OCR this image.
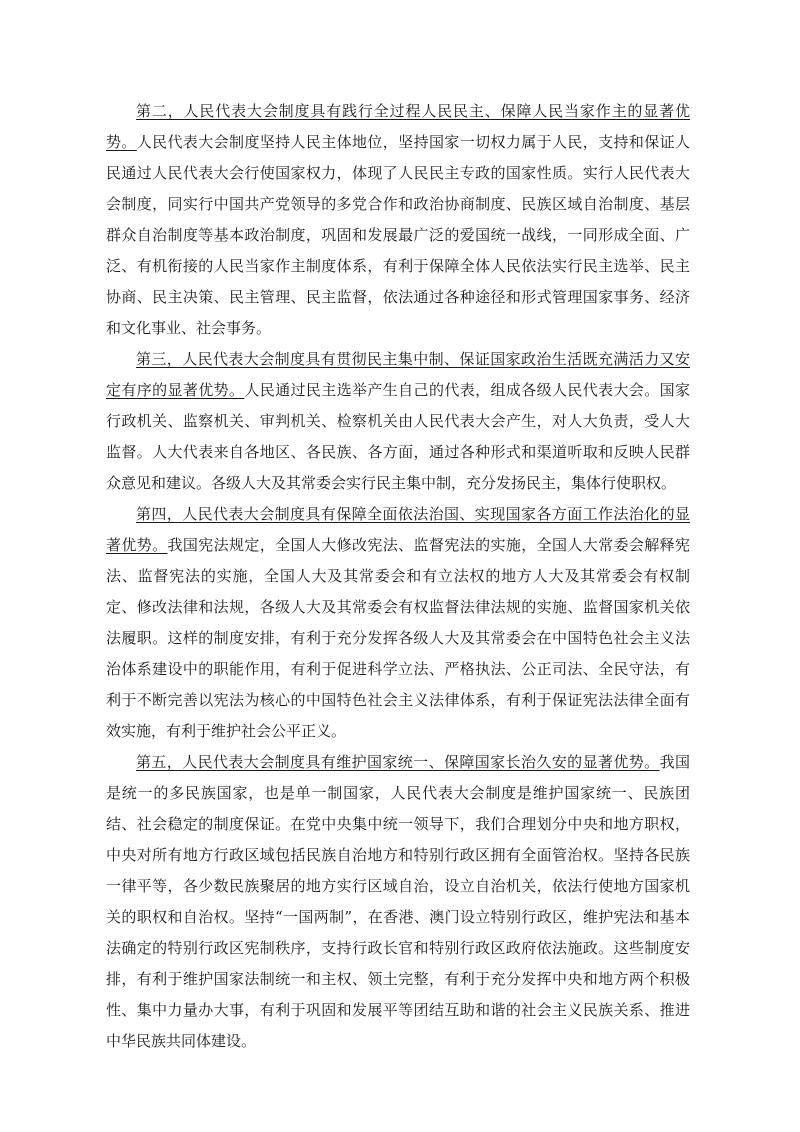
第二，人民代表大会制度具有践行全过程人民民主、保障人民当家作主的显著优势。人民代表大会制度坚持人民主体地位，坚持国家一切权力属于人民，支持和保证人民通过人民代表大会行使国家权力，体现了人民民主专政的国家性质。实行人民代表大会制度，同实行中国共产党领导的多党合作和政治协商制度、民族区域自治制度、基层群众自治制度等基本政治制度，巩固和发展最广泛的爱国统一战线，一同形成全面、广泛、有机衔接的人民当家作主制度体系，有利于保障全体人民依法实行民主选举、民主协商、民主决策、民主管理、民主监督，依法通过各种途径和形式管理国家事务、经济和文化事业、社会事务。

第三，人民代表大会制度具有贯彻民主集中制、保证国家政治生活既充满活力又安定有序的显著优势。人民通过民主选举产生自己的代表，组成各级人民代表大会。国家行政机关、监察机关、审判机关、检察机关由人民代表大会产生，对人大负责，受人大监督。人大代表来自各地区、各民族、各方面，通过各种形式和渠道听取和反映人民群众意见和建议。各级人大及其常委会实行民主集中制，充分发扬民主，集体行使职权。

第四，人民代表大会制度具有保障全面依法治国、实现国家各方面工作法治化的显著优势。我国宪法规定，全国人大修改宪法、监督宪法的实施，全国人大常委会解释宪法、监督宪法的实施，全国人大及其常委会和有立法权的地方人大及其常委会有权制定、修改法律和法规，各级人大及其常委会有权监督法律法规的实施、监督国家机关依法履职。这样的制度安排，有利于充分发挥各级人大及其常委会在中国特色社会主义法治体系建设中的职能作用，有利于促进科学立法、严格执法、公正司法、全民守法，有利于不断完善以宪法为核心的中国特色社会主义法律体系，有利于保证宪法法律全面有效实施，有利于维护社会公平正义。

第五，人民代表大会制度具有维护国家统一、保障国家长治久安的显著优势。我国是统一的多民族国家，也是单一制国家，人民代表大会制度是维护国家统一、民族团结、社会稳定的制度保证。在党中央集中统一领导下，我们合理划分中央和地方职权，中央对所有地方行政区域包括民族自治地方和特别行政区拥有全面管治权。坚持各民族一律平等，各少数民族聚居的地方实行区域自治，设立自治机关，依法行使地方国家机关的职权和自治权。坚持“一国两制”，在香港、澳门设立特别行政区，维护宪法和基本法确定的特别行政区宪制秩序，支持行政长官和特别行政区政府依法施政。这些制度安排，有利于维护国家法制统一和主权、领土完整，有利于充分发挥中央和地方两个积极性、集中力量办大事，有利于巩固和发展平等团结互助和谐的社会主义民族关系、推进中华民族共同体建设。
